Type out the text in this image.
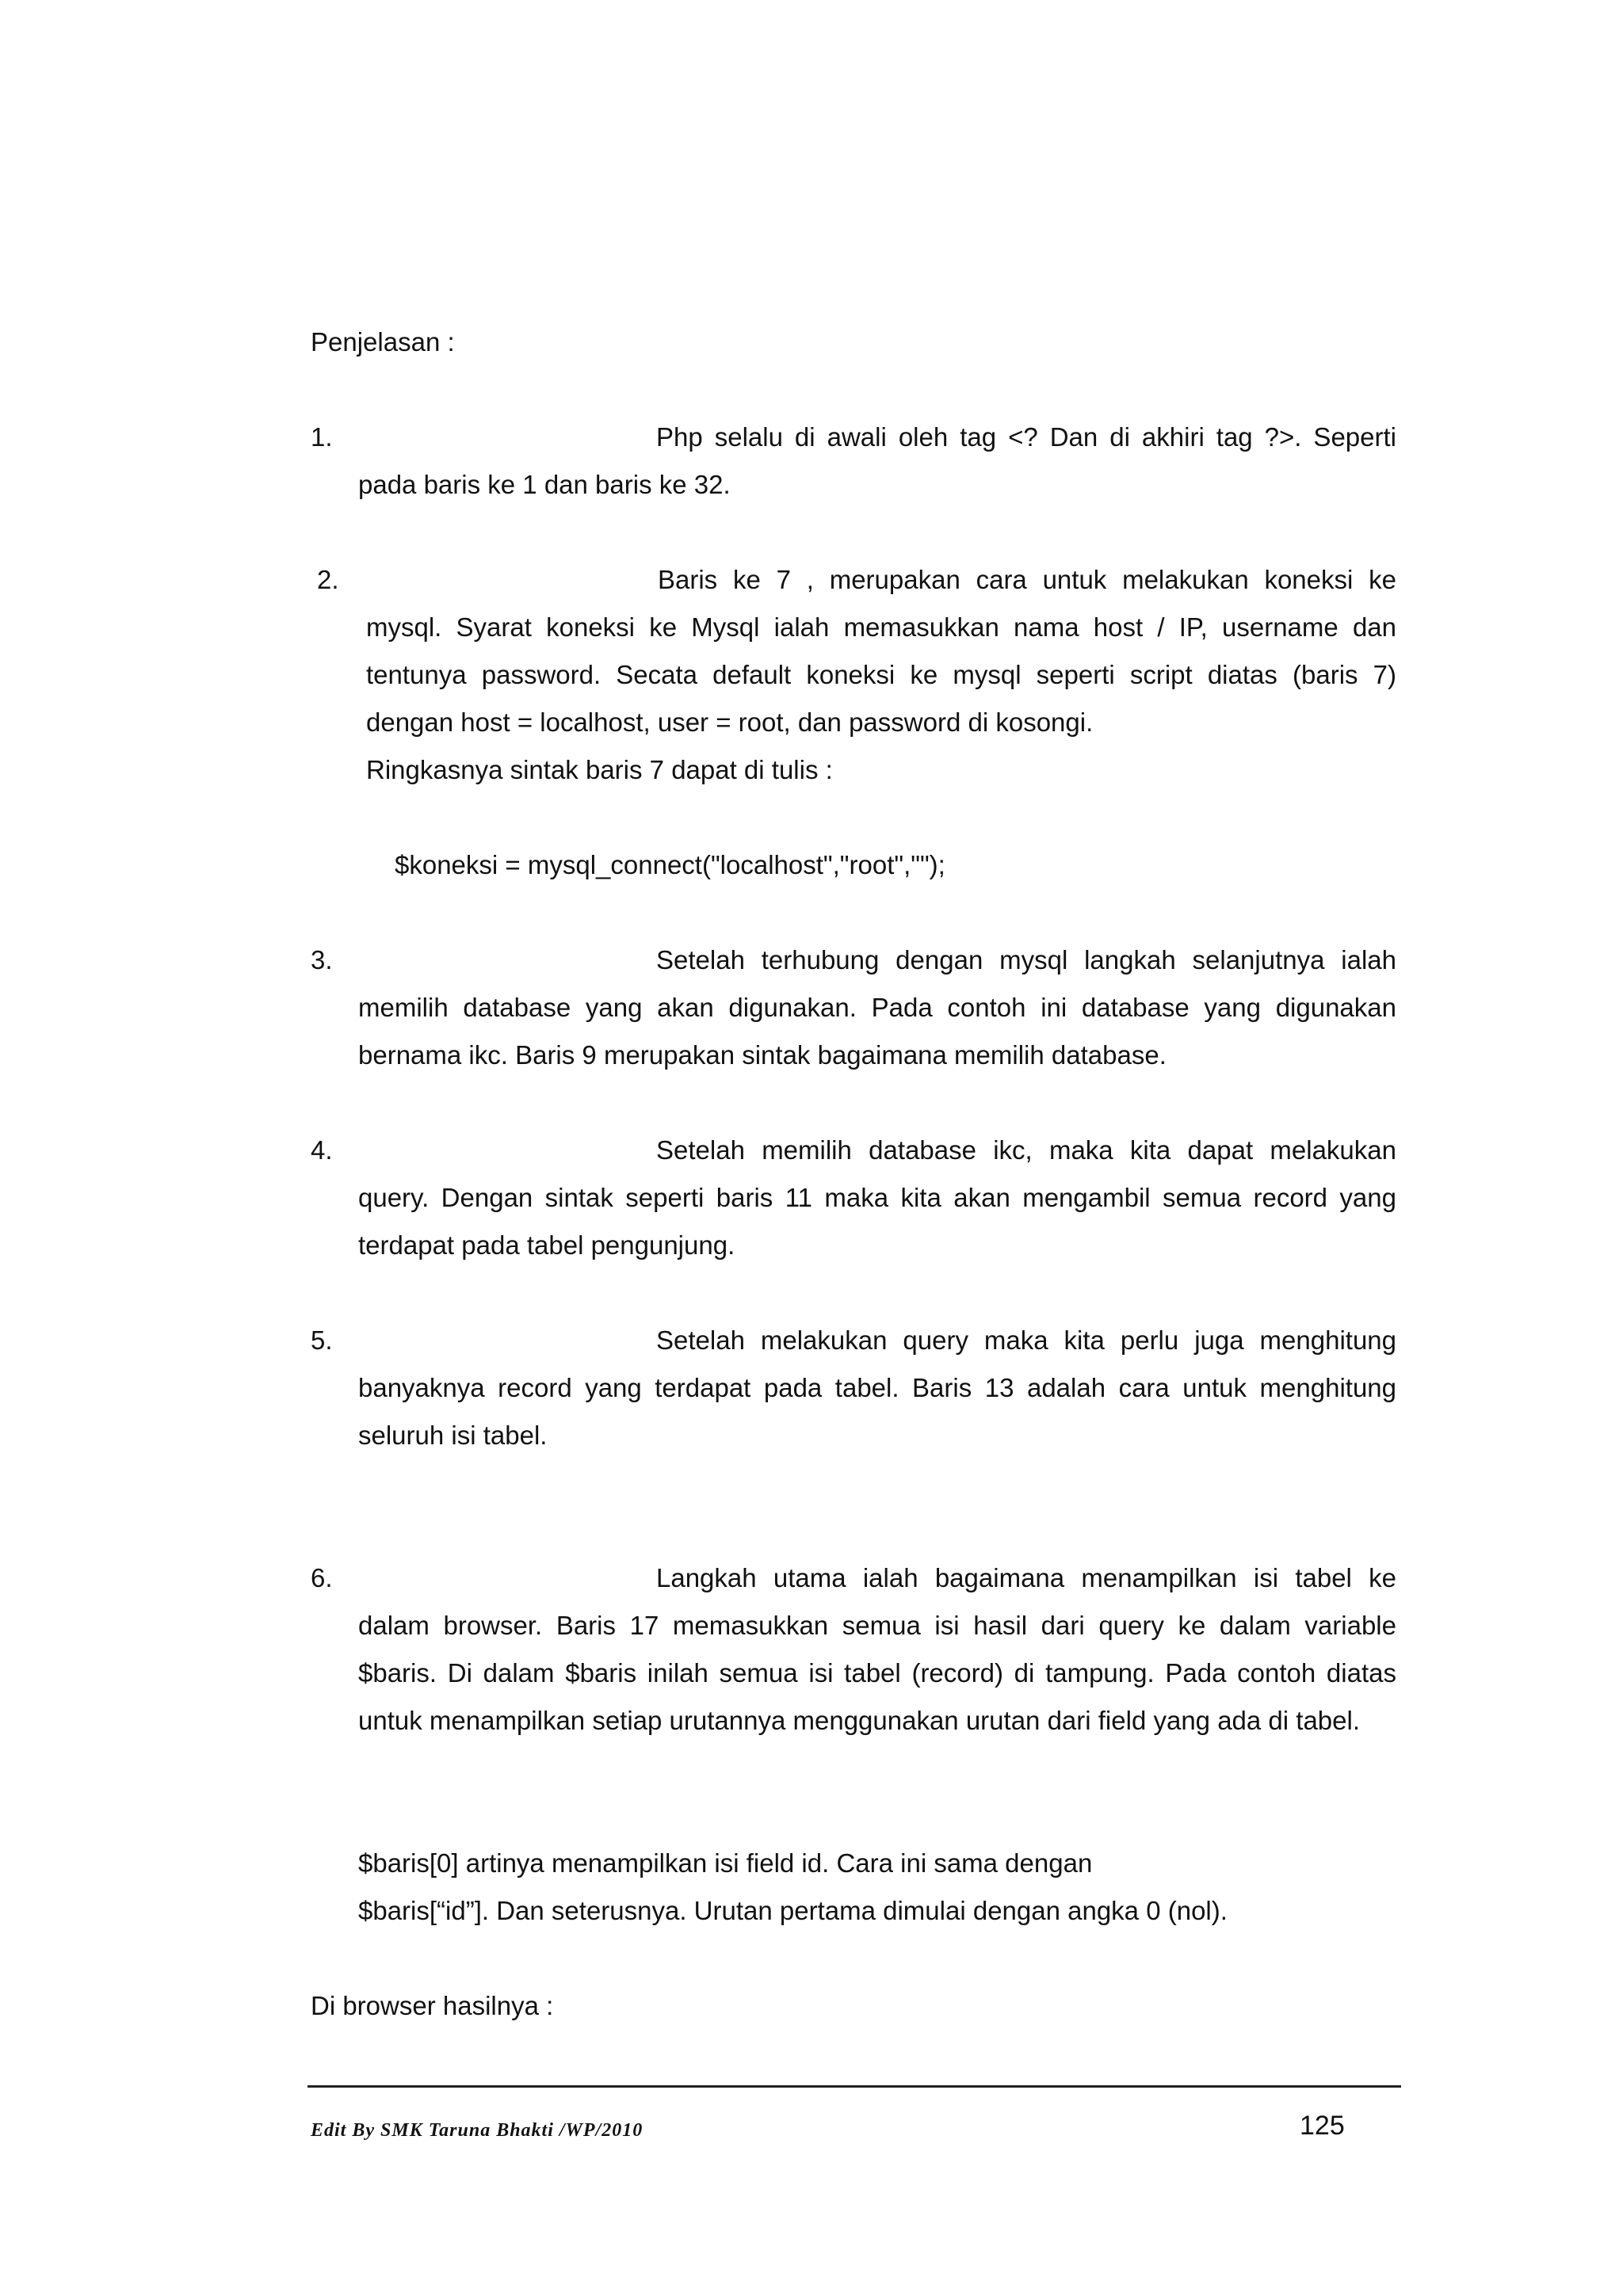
Penjelasan :
1.	Php selalu di awali oleh tag <? Dan di akhiri tag ?>. Seperti
pada baris ke 1 dan baris ke 32.
2.	Baris ke 7 , merupakan cara untuk melakukan koneksi ke
mysql. Syarat koneksi ke Mysql ialah memasukkan nama host / IP, username dan tentunya password. Secata default koneksi ke mysql seperti script diatas (baris 7) dengan host = localhost, user = root, dan password di kosongi.
Ringkasnya sintak baris 7 dapat di tulis :
$koneksi = mysql_connect("localhost","root","");
3.	Setelah terhubung dengan mysql langkah selanjutnya ialah
memilih database yang akan digunakan. Pada contoh ini database yang digunakan bernama ikc. Baris 9 merupakan sintak bagaimana memilih database.
4.	Setelah memilih database ikc, maka kita dapat melakukan
query. Dengan sintak seperti baris 11 maka kita akan mengambil semua record yang terdapat pada tabel pengunjung.
5.	Setelah melakukan query maka kita perlu juga menghitung
banyaknya record yang terdapat pada tabel. Baris 13 adalah cara untuk menghitung seluruh isi tabel.
6.	Langkah utama ialah bagaimana menampilkan isi tabel ke
dalam browser. Baris 17 memasukkan semua isi hasil dari query ke dalam variable $baris. Di dalam $baris inilah semua isi tabel (record) di tampung. Pada contoh diatas untuk menampilkan setiap urutannya menggunakan urutan dari field yang ada di tabel.
$baris[0] artinya menampilkan isi field id. Cara ini sama dengan
$baris[“id”]. Dan seterusnya. Urutan pertama dimulai dengan angka 0 (nol).
Di browser hasilnya :
Edit By SMK Taruna Bhakti /WP/2010	125
